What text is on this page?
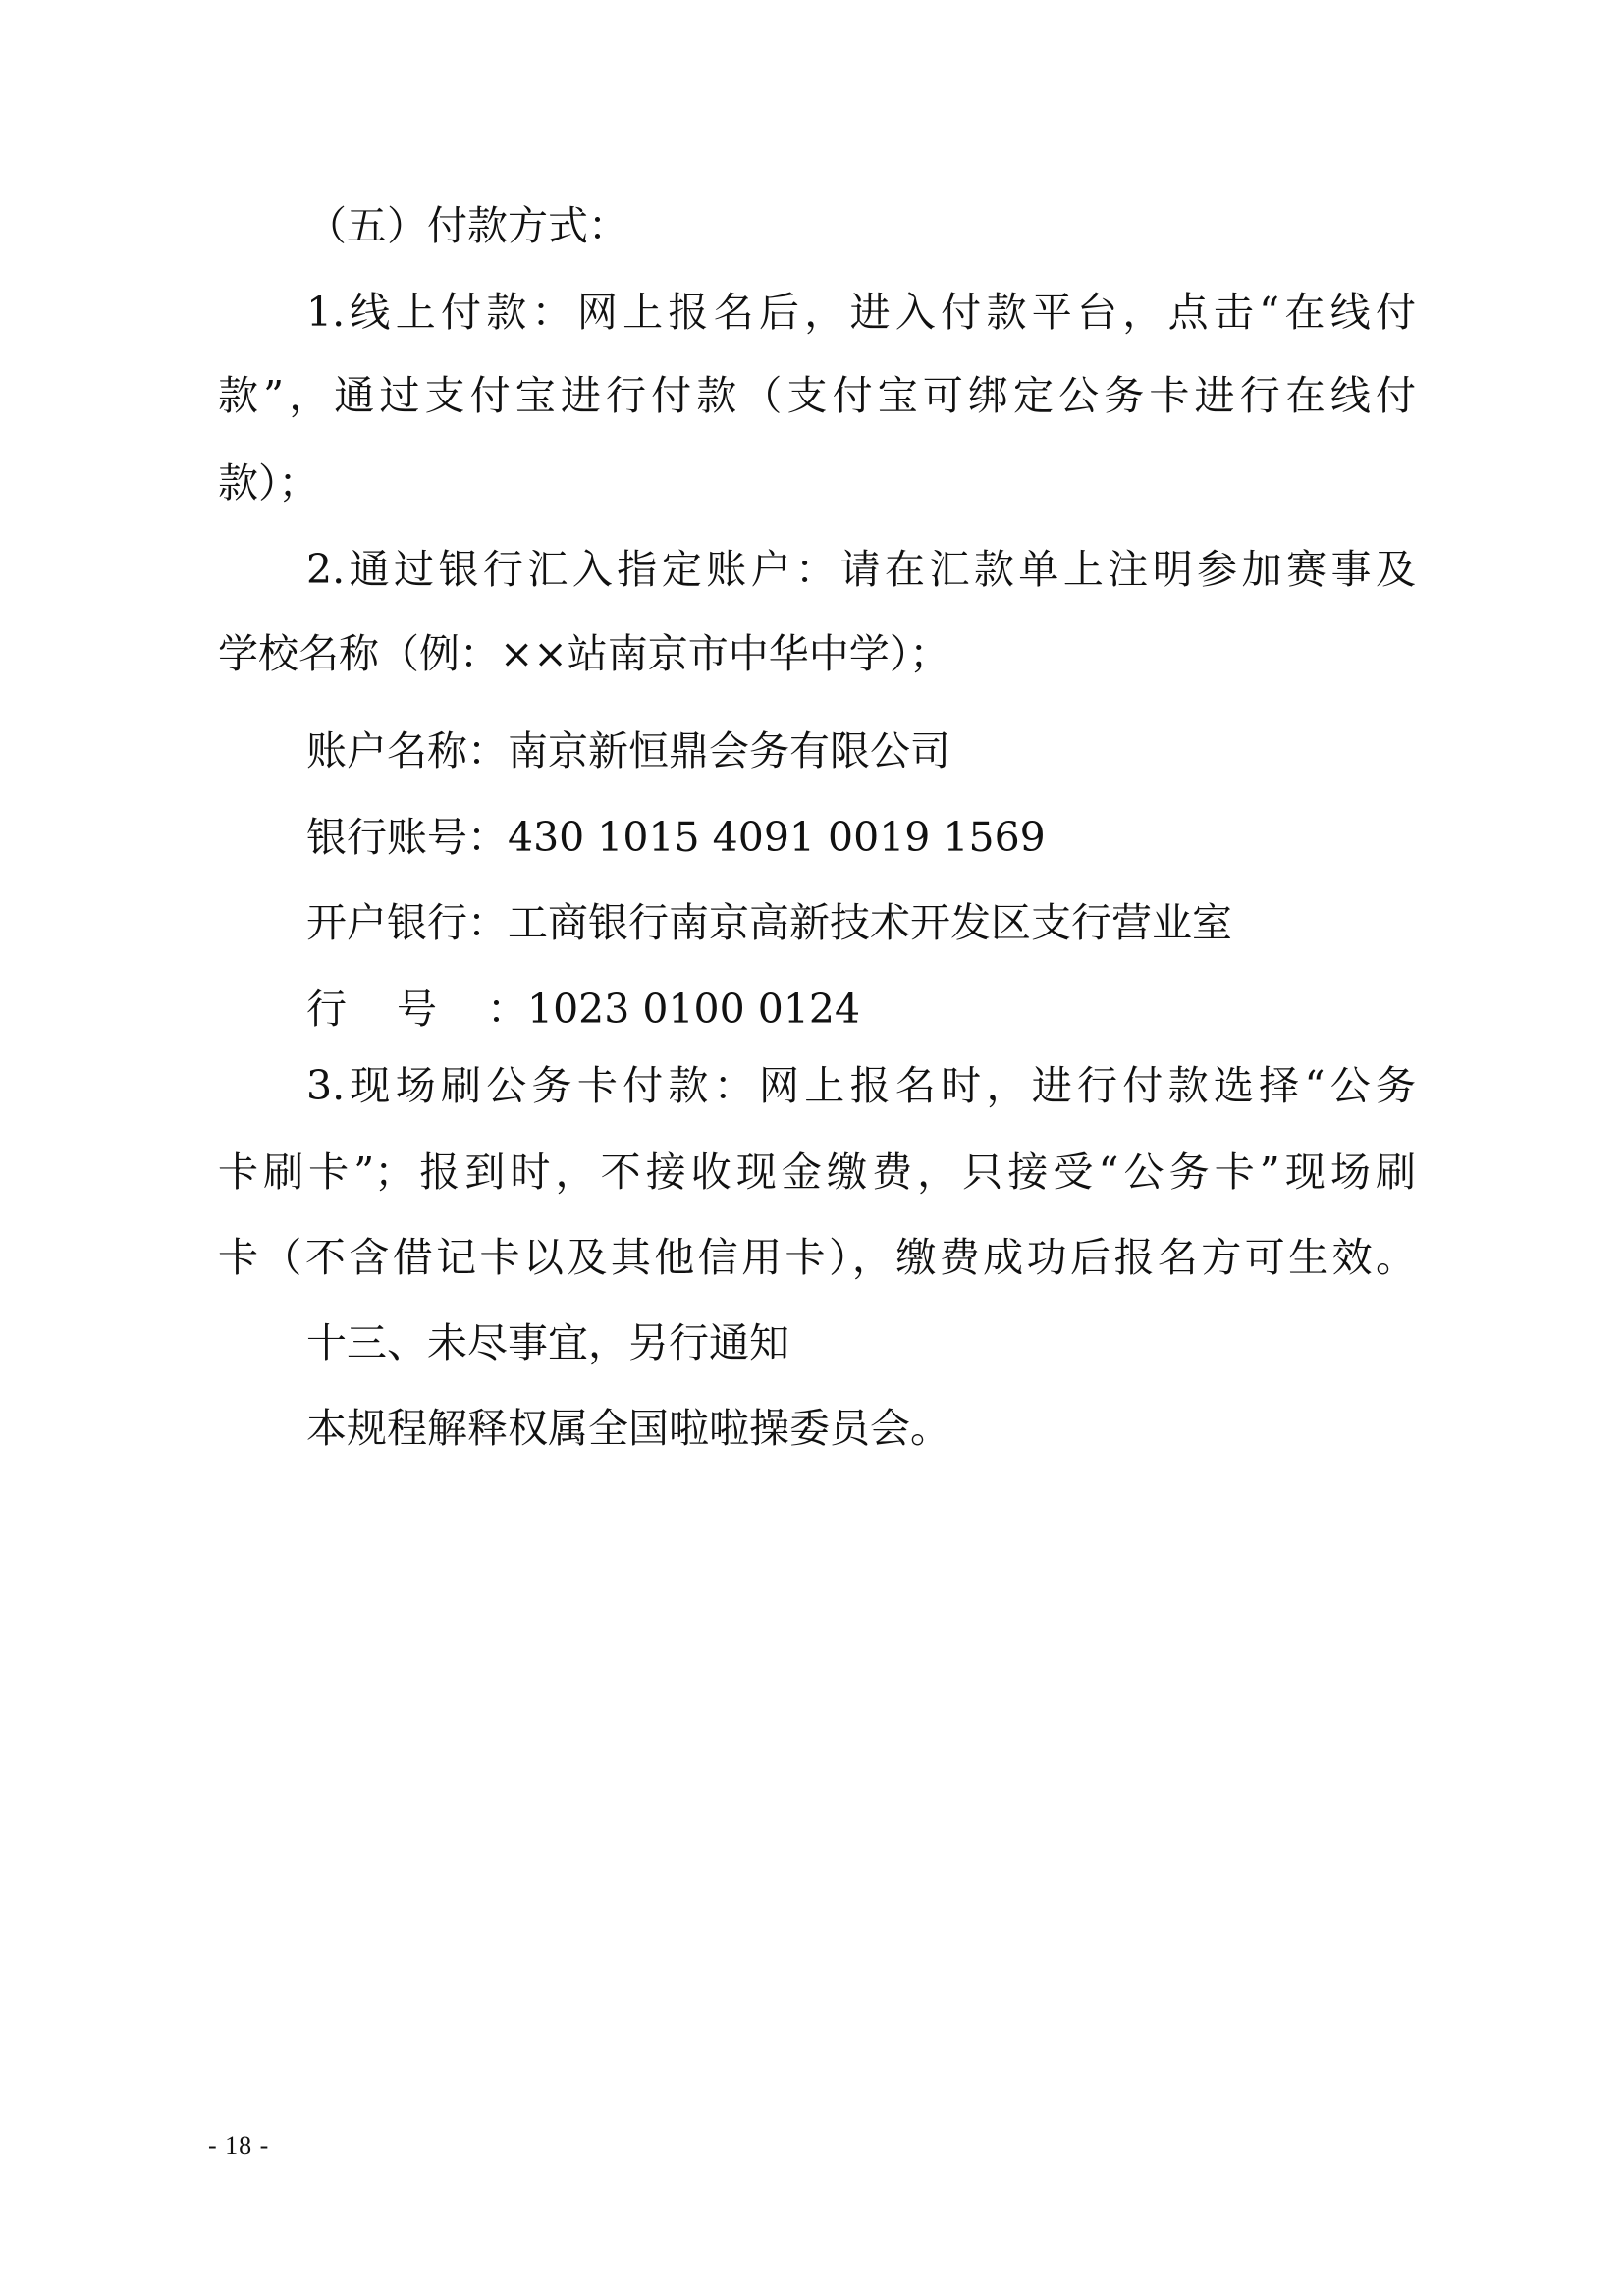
（五）付款方式：

1.线上付款：网上报名后，进入付款平台，点击“在线付

款”，通过支付宝进行付款（支付宝可绑定公务卡进行在线付

款）；

2.通过银行汇入指定账户：请在汇款单上注明参加赛事及

学校名称（例：××站南京市中华中学）；

账户名称：南京新恒鼎会务有限公司
银行账号：430 1015 4091 0019 1569
开户银行：工商银行南京高新技术开发区支行营业室
行号：1023 0100 0124

3.现场刷公务卡付款：网上报名时，进行付款选择“公务

卡刷卡”；报到时，不接收现金缴费，只接受“公务卡”现场刷

卡（不含借记卡以及其他信用卡），缴费成功后报名方可生效。

十三、未尽事宜，另行通知

本规程解释权属全国啦啦操委员会。

- 18 -
